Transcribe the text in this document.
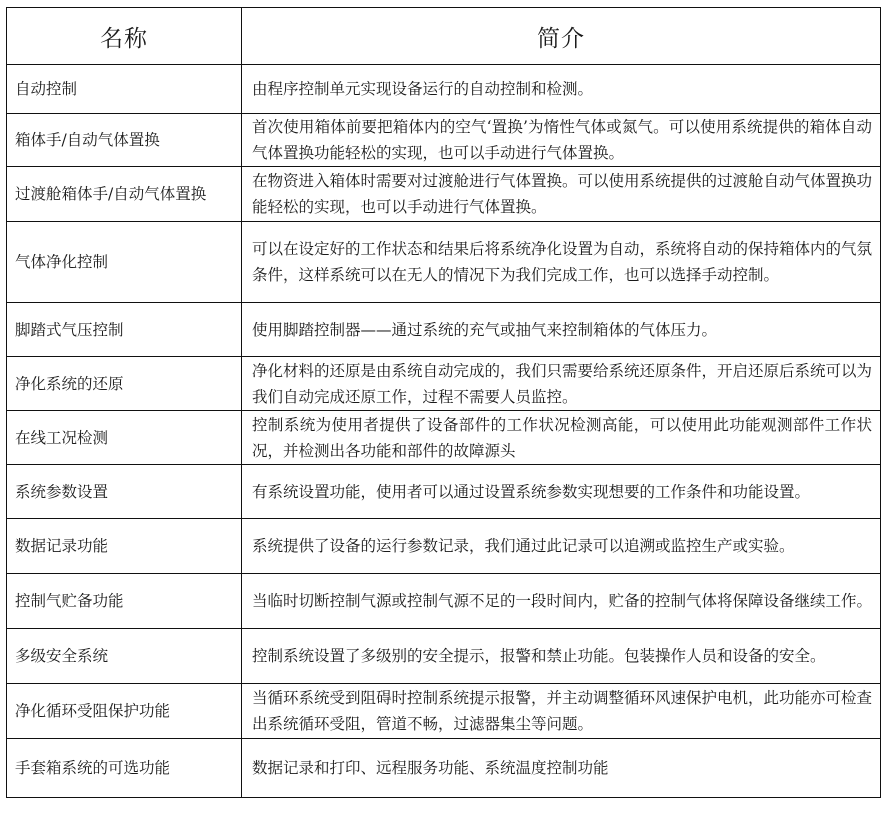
名称	简介
自动控制	由程序控制单元实现设备运行的自动控制和检测。
箱体手/自动气体置换	首次使用箱体前要把箱体内的空气‘置换’为惰性气体或氮气。可以使用系统提供的箱体自动气体置换功能轻松的实现，也可以手动进行气体置换。
过渡舱箱体手/自动气体置换	在物资进入箱体时需要对过渡舱进行气体置换。可以使用系统提供的过渡舱自动气体置换功能轻松的实现，也可以手动进行气体置换。
气体净化控制	可以在设定好的工作状态和结果后将系统净化设置为自动，系统将自动的保持箱体内的气氛条件，这样系统可以在无人的情况下为我们完成工作，也可以选择手动控制。
脚踏式气压控制	使用脚踏控制器——通过系统的充气或抽气来控制箱体的气体压力。
净化系统的还原	净化材料的还原是由系统自动完成的，我们只需要给系统还原条件，开启还原后系统可以为我们自动完成还原工作，过程不需要人员监控。
在线工况检测	控制系统为使用者提供了设备部件的工作状况检测高能，可以使用此功能观测部件工作状况，并检测出各功能和部件的故障源头
系统参数设置	有系统设置功能，使用者可以通过设置系统参数实现想要的工作条件和功能设置。
数据记录功能	系统提供了设备的运行参数记录，我们通过此记录可以追溯或监控生产或实验。
控制气贮备功能	当临时切断控制气源或控制气源不足的一段时间内，贮备的控制气体将保障设备继续工作。
多级安全系统	控制系统设置了多级别的安全提示，报警和禁止功能。包装操作人员和设备的安全。
净化循环受阻保护功能	当循环系统受到阻碍时控制系统提示报警，并主动调整循环风速保护电机，此功能亦可检查出系统循环受阻，管道不畅，过滤器集尘等问题。
手套箱系统的可选功能	数据记录和打印、远程服务功能、系统温度控制功能
